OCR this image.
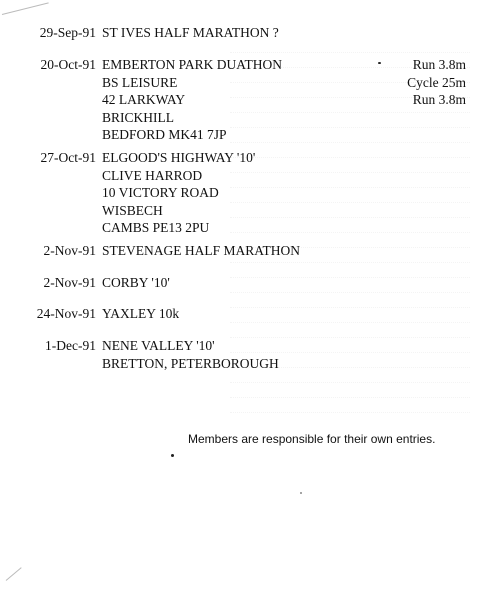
29-Sep-91 ST IVES HALF MARATHON ?
20-Oct-91 EMBERTON PARK DUATHON
BS LEISURE
42 LARKWAY
BRICKHILL
BEDFORD MK41 7JP
Run 3.8m
Cycle 25m
Run 3.8m
27-Oct-91 ELGOOD'S HIGHWAY '10'
CLIVE HARROD
10 VICTORY ROAD
WISBECH
CAMBS PE13 2PU
2-Nov-91 STEVENAGE HALF MARATHON
2-Nov-91 CORBY '10'
24-Nov-91 YAXLEY 10k
1-Dec-91 NENE VALLEY '10'
BRETTON, PETERBOROUGH
Members are responsible for their own entries.
